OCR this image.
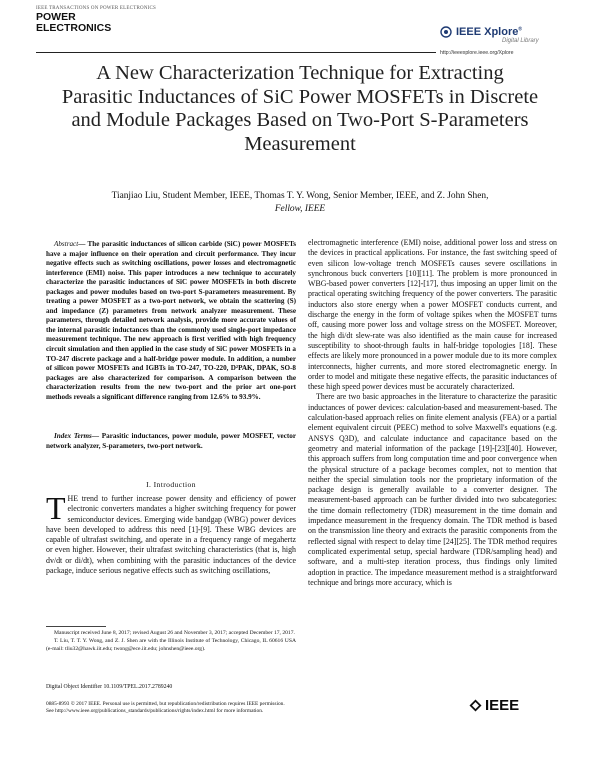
IEEE TRANSACTIONS ON POWER ELECTRONICS
POWER
ELECTRONICS	IEEE Xplore®
Digital Library
http://ieeexplore.ieee.org/Xplore
A New Characterization Technique for Extracting Parasitic Inductances of SiC Power MOSFETs in Discrete and Module Packages Based on Two-Port S-Parameters Measurement
Tianjiao Liu, Student Member, IEEE, Thomas T. Y. Wong, Senior Member, IEEE, and Z. John Shen,
Fellow, IEEE
Abstract— The parasitic inductances of silicon carbide (SiC) power MOSFETs have a major influence on their operation and circuit performance. They incur negative effects such as switching oscillations, power losses and electromagnetic interference (EMI) noise. This paper introduces a new technique to accurately characterize the parasitic inductances of SiC power MOSFETs in both discrete packages and power modules based on two-port S-parameters measurement. By treating a power MOSFET as a two-port network, we obtain the scattering (S) and impedance (Z) parameters from network analyzer measurement. These parameters, through detailed network analysis, provide more accurate values of the internal parasitic inductances than the commonly used single-port impedance measurement technique. The new approach is first verified with high frequency circuit simulation and then applied in the case study of SiC power MOSFETs in a TO-247 discrete package and a half-bridge power module. In addition, a number of silicon power MOSFETs and IGBTs in TO-247, TO-220, D²PAK, DPAK, SO-8 packages are also characterized for comparison. A comparison between the characterization results from the new two-port and the prior art one-port methods reveals a significant difference ranging from 12.6% to 93.9%.
Index Terms— Parasitic inductances, power module, power MOSFET, vector network analyzer, S-parameters, two-port network.
I. Introduction
THE trend to further increase power density and efficiency of power electronic converters mandates a higher switching frequency for power semiconductor devices. Emerging wide bandgap (WBG) power devices have been developed to address this need [1]-[9]. These WBG devices are capable of ultrafast switching, and operate in a frequency range of megahertz or even higher. However, their ultrafast switching characteristics (that is, high dv/dt or di/dt), when combining with the parasitic inductances of the device package, induce serious negative effects such as switching oscillations,
Manuscript received June 8, 2017; revised August 26 and November 3, 2017; accepted December 17, 2017.
T. Liu, T. T. Y. Wong, and Z. J. Shen are with the Illinois Institute of Technology, Chicago, IL 60616 USA (e-mail: tliu32@hawk.iit.edu; twong@ece.iit.edu; johnshen@ieee.org).
Digital Object Identifier 10.1109/TPEL.2017.2789240

electromagnetic interference (EMI) noise, additional power loss and stress on the devices in practical applications. For instance, the fast switching speed of even silicon low-voltage trench MOSFETs causes severe oscillations in synchronous buck converters [10][11]. The problem is more pronounced in WBG-based power converters [12]-[17], thus imposing an upper limit on the practical operating switching frequency of the power converters. The parasitic inductors also store energy when a power MOSFET conducts current, and discharge the energy in the form of voltage spikes when the MOSFET turns off, causing more power loss and voltage stress on the MOSFET. Moreover, the high di/dt slew-rate was also identified as the main cause for increased susceptibility to shoot-through faults in half-bridge topologies [18]. These effects are likely more pronounced in a power module due to its more complex interconnects, higher currents, and more stored electromagnetic energy. In order to model and mitigate these negative effects, the parasitic inductances of these high speed power devices must be accurately characterized.

There are two basic approaches in the literature to characterize the parasitic inductances of power devices: calculation-based and measurement-based. The calculation-based approach relies on finite element analysis (FEA) or a partial element equivalent circuit (PEEC) method to solve Maxwell's equations (e.g. ANSYS Q3D), and calculate inductance and capacitance based on the geometry and material information of the package [19]-[23][40]. However, this approach suffers from long computation time and poor convergence when the physical structure of a package becomes complex, not to mention that neither the special simulation tools nor the proprietary information of the package design is generally available to a converter designer. The measurement-based approach can be further divided into two subcategories: the time domain reflectometry (TDR) measurement in the time domain and impedance measurement in the frequency domain. The TDR method is based on the transmission line theory and extracts the parasitic components from the reflected signal with respect to delay time [24][25]. The TDR method requires complicated experimental setup, special hardware (TDR/sampling head) and software, and a multi-step iteration process, thus findings only limited adoption in practice. The impedance measurement method is a straightforward technique and brings more accuracy, which is

0885-8993 © 2017 IEEE. Personal use is permitted, but republication/redistribution requires IEEE permission.
See http://www.ieee.org/publications_standards/publications/rights/index.html for more information.	IEEE
